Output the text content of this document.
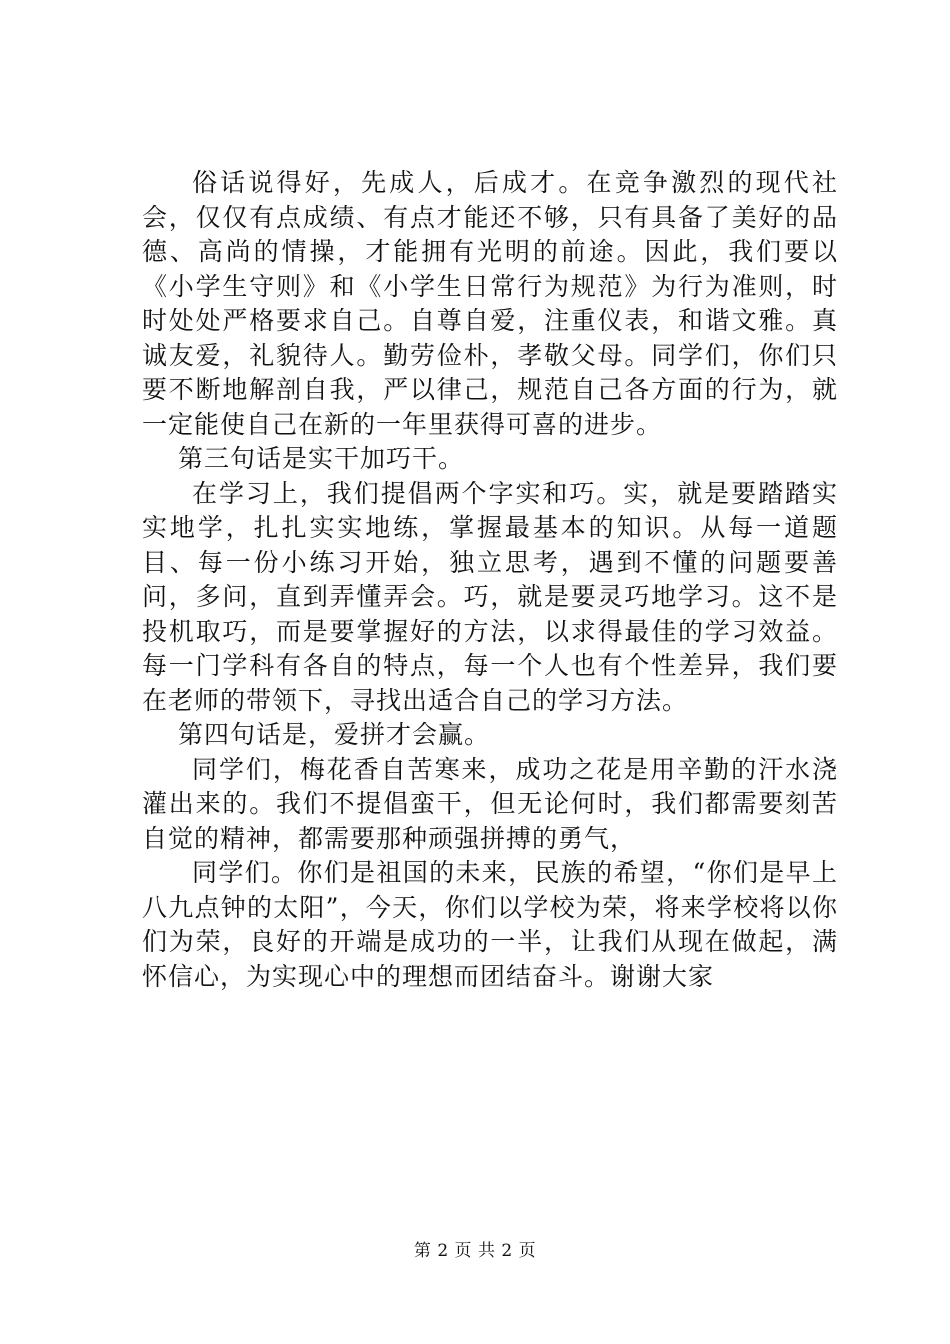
俗话说得好，先成人，后成才。在竞争激烈的现代社会，仅仅有点成绩、有点才能还不够，只有具备了美好的品德、高尚的情操，才能拥有光明的前途。因此，我们要以《小学生守则》和《小学生日常行为规范》为行为准则，时时处处严格要求自己。自尊自爱，注重仪表，和谐文雅。真诚友爱，礼貌待人。勤劳俭朴，孝敬父母。同学们，你们只要不断地解剖自我，严以律己，规范自己各方面的行为，就一定能使自己在新的一年里获得可喜的进步。

第三句话是实干加巧干。

在学习上，我们提倡两个字实和巧。实，就是要踏踏实实地学，扎扎实实地练，掌握最基本的知识。从每一道题目、每一份小练习开始，独立思考，遇到不懂的问题要善问，多问，直到弄懂弄会。巧，就是要灵巧地学习。这不是投机取巧，而是要掌握好的方法，以求得最佳的学习效益。每一门学科有各自的特点，每一个人也有个性差异，我们要在老师的带领下，寻找出适合自己的学习方法。

第四句话是，爱拼才会赢。

同学们，梅花香自苦寒来，成功之花是用辛勤的汗水浇灌出来的。我们不提倡蛮干，但无论何时，我们都需要刻苦自觉的精神，都需要那种顽强拼搏的勇气，

同学们。你们是祖国的未来，民族的希望，“你们是早上八九点钟的太阳”，今天，你们以学校为荣，将来学校将以你们为荣，良好的开端是成功的一半，让我们从现在做起，满怀信心，为实现心中的理想而团结奋斗。谢谢大家

第 2 页 共 2 页
